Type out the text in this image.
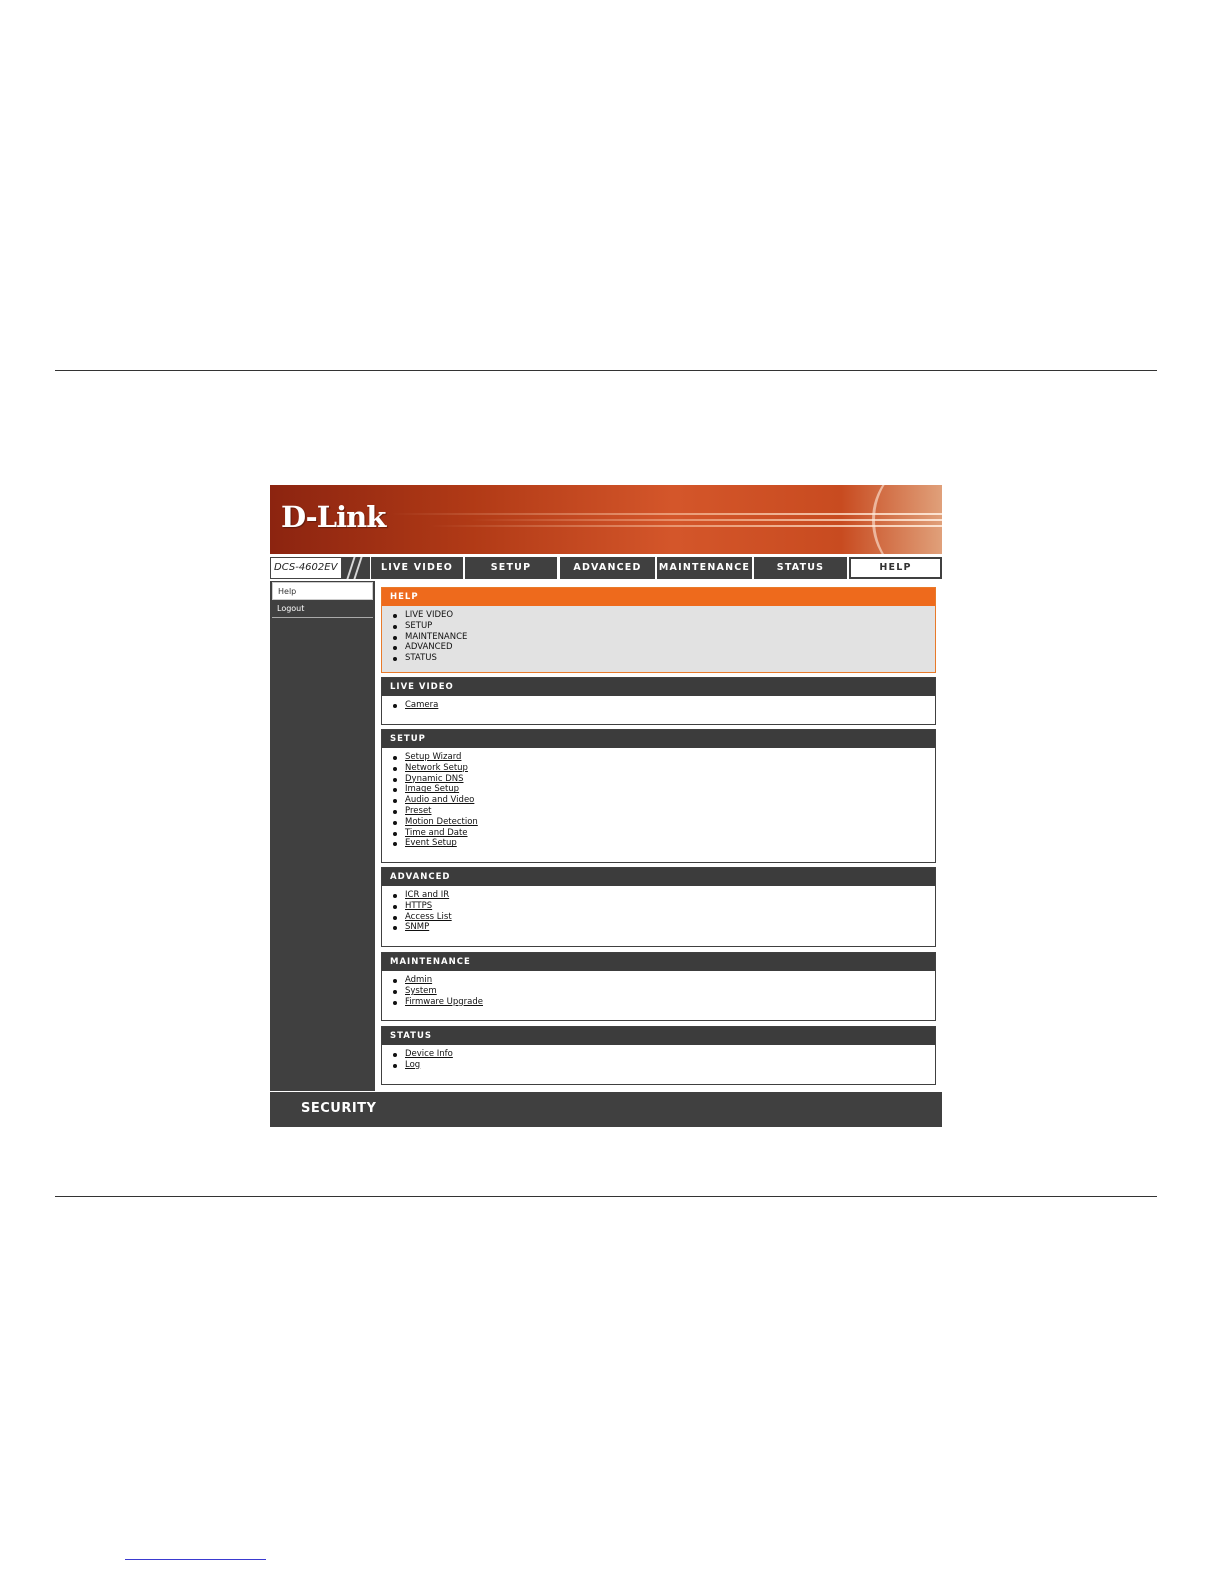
D-Link
DCS-4602EV	LIVE VIDEO	SETUP	ADVANCED	MAINTENANCE	STATUS	HELP
Help
Logout
HELP
LIVE VIDEO
SETUP
MAINTENANCE
ADVANCED
STATUS
LIVE VIDEO
Camera
SETUP
Setup Wizard
Network Setup
Dynamic DNS
Image Setup
Audio and Video
Preset
Motion Detection
Time and Date
Event Setup
ADVANCED
ICR and IR
HTTPS
Access List
SNMP
MAINTENANCE
Admin
System
Firmware Upgrade
STATUS
Device Info
Log
SECURITY
